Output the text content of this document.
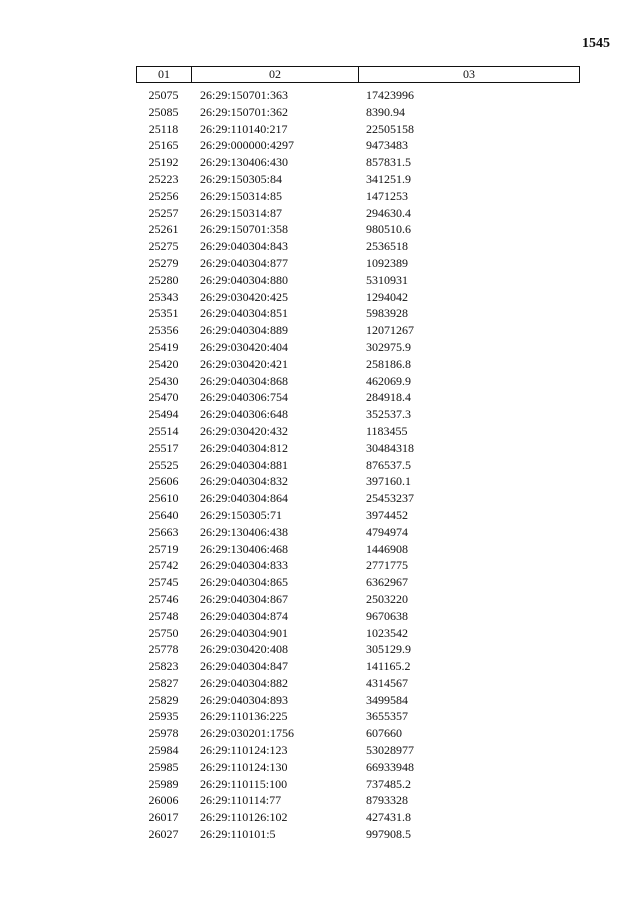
1545
01	02	03
25075	26:29:150701:363	17423996
25085	26:29:150701:362	8390.94
25118	26:29:110140:217	22505158
25165	26:29:000000:4297	9473483
25192	26:29:130406:430	857831.5
25223	26:29:150305:84	341251.9
25256	26:29:150314:85	1471253
25257	26:29:150314:87	294630.4
25261	26:29:150701:358	980510.6
25275	26:29:040304:843	2536518
25279	26:29:040304:877	1092389
25280	26:29:040304:880	5310931
25343	26:29:030420:425	1294042
25351	26:29:040304:851	5983928
25356	26:29:040304:889	12071267
25419	26:29:030420:404	302975.9
25420	26:29:030420:421	258186.8
25430	26:29:040304:868	462069.9
25470	26:29:040306:754	284918.4
25494	26:29:040306:648	352537.3
25514	26:29:030420:432	1183455
25517	26:29:040304:812	30484318
25525	26:29:040304:881	876537.5
25606	26:29:040304:832	397160.1
25610	26:29:040304:864	25453237
25640	26:29:150305:71	3974452
25663	26:29:130406:438	4794974
25719	26:29:130406:468	1446908
25742	26:29:040304:833	2771775
25745	26:29:040304:865	6362967
25746	26:29:040304:867	2503220
25748	26:29:040304:874	9670638
25750	26:29:040304:901	1023542
25778	26:29:030420:408	305129.9
25823	26:29:040304:847	141165.2
25827	26:29:040304:882	4314567
25829	26:29:040304:893	3499584
25935	26:29:110136:225	3655357
25978	26:29:030201:1756	607660
25984	26:29:110124:123	53028977
25985	26:29:110124:130	66933948
25989	26:29:110115:100	737485.2
26006	26:29:110114:77	8793328
26017	26:29:110126:102	427431.8
26027	26:29:110101:5	997908.5
